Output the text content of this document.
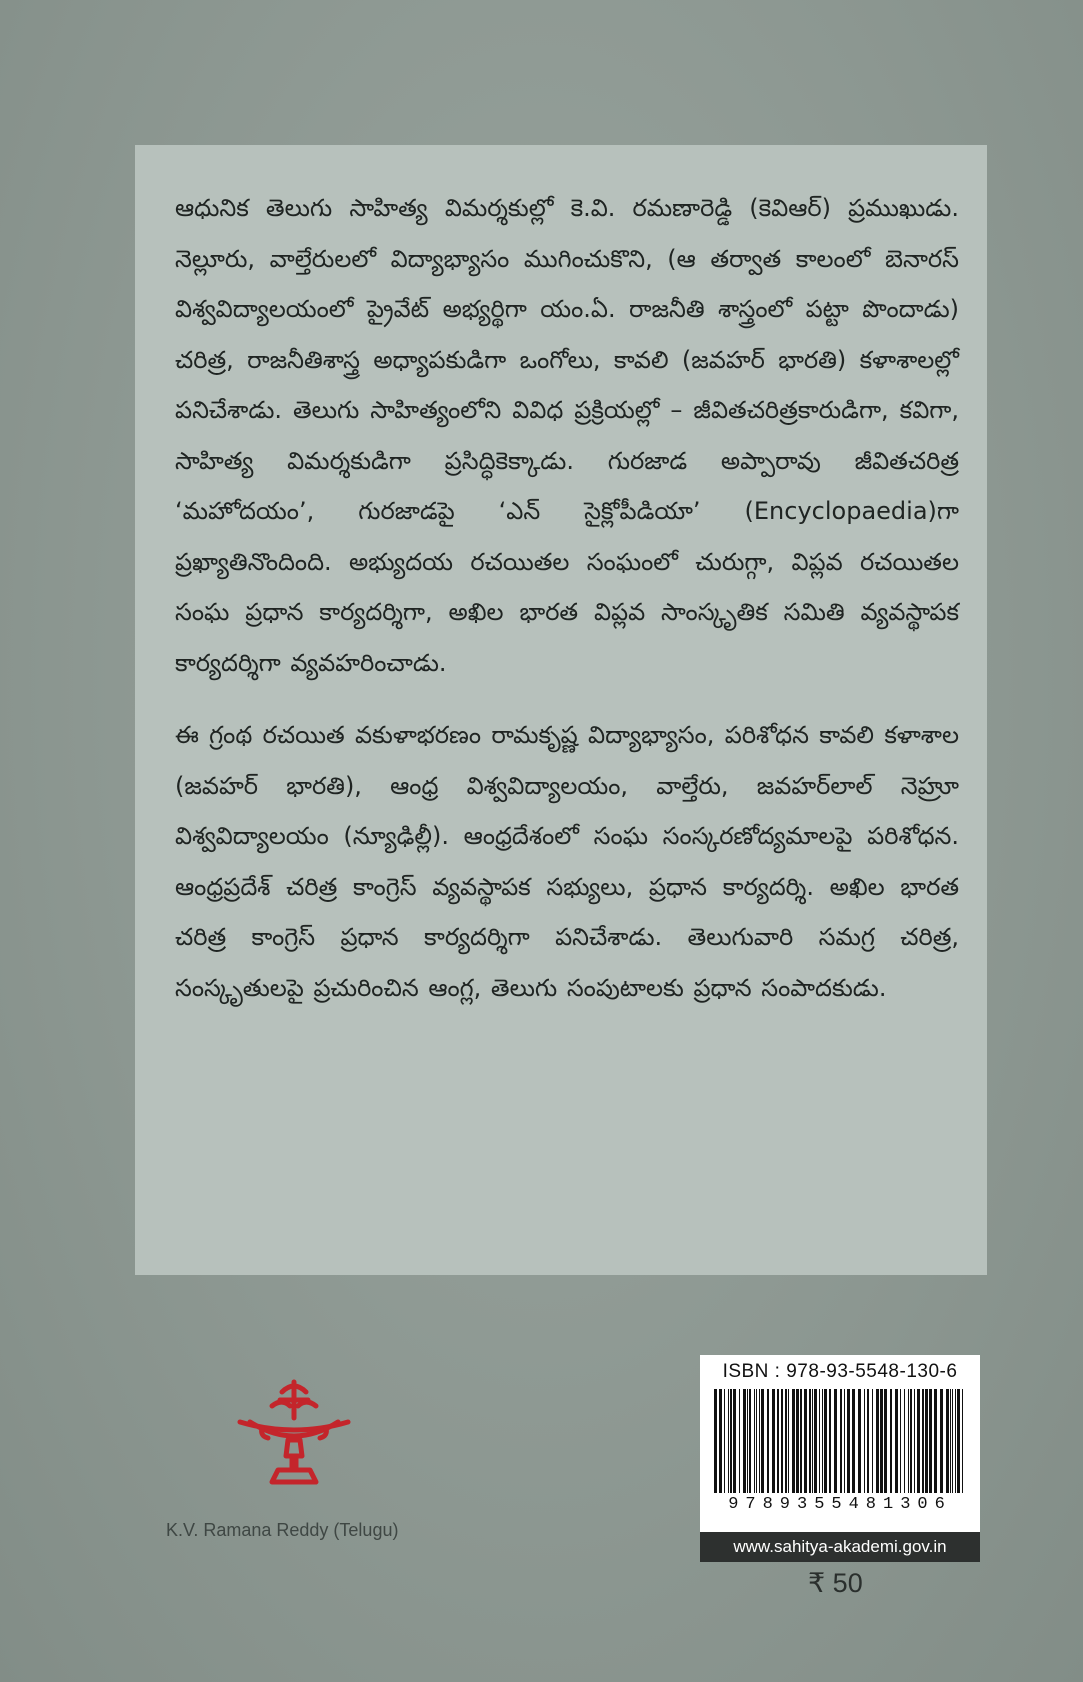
ఆధునిక తెలుగు సాహిత్య విమర్శకుల్లో కె.వి. రమణారెడ్డి (కెవిఆర్) ప్రముఖుడు. నెల్లూరు, వాల్తేరులలో విద్యాభ్యాసం ముగించుకొని, (ఆ తర్వాత కాలంలో బెనారస్ విశ్వవిద్యాలయంలో ప్రైవేట్ అభ్యర్థిగా యం.ఏ. రాజనీతి శాస్త్రంలో పట్టా పొందాడు) చరిత్ర, రాజనీతిశాస్త్ర అధ్యాపకుడిగా ఒంగోలు, కావలి (జవహర్ భారతి) కళాశాలల్లో పనిచేశాడు. తెలుగు సాహిత్యంలోని వివిధ ప్రక్రియల్లో – జీవితచరిత్రకారుడిగా, కవిగా, సాహిత్య విమర్శకుడిగా ప్రసిద్ధికెక్కాడు. గురజాడ అప్పారావు జీవితచరిత్ర ‘మహోదయం’, గురజాడపై ‘ఎన్ సైక్లోపీడియా’ (Encyclopaedia)గా ప్రఖ్యాతినొందింది. అభ్యుదయ రచయితల సంఘంలో చురుగ్గా, విప్లవ రచయితల సంఘ ప్రధాన కార్యదర్శిగా, అఖిల భారత విప్లవ సాంస్కృతిక సమితి వ్యవస్థాపక కార్యదర్శిగా వ్యవహరించాడు.

ఈ గ్రంథ రచయిత వకుళాభరణం రామకృష్ణ విద్యాభ్యాసం, పరిశోధన కావలి కళాశాల (జవహర్ భారతి), ఆంధ్ర విశ్వవిద్యాలయం, వాల్తేరు, జవహర్‌లాల్ నెహ్రూ విశ్వవిద్యాలయం (న్యూఢిల్లీ). ఆంధ్రదేశంలో సంఘ సంస్కరణోద్యమాలపై పరిశోధన. ఆంధ్రప్రదేశ్ చరిత్ర కాంగ్రెస్ వ్యవస్థాపక సభ్యులు, ప్రధాన కార్యదర్శి. అఖిల భారత చరిత్ర కాంగ్రెస్ ప్రధాన కార్యదర్శిగా పనిచేశాడు. తెలుగువారి సమగ్ర చరిత్ర, సంస్కృతులపై ప్రచురించిన ఆంగ్ల, తెలుగు సంపుటాలకు ప్రధాన సంపాదకుడు.

K.V. Ramana Reddy (Telugu)
ISBN : 978-93-5548-130-6
9789355481306
www.sahitya-akademi.gov.in
₹ 50
